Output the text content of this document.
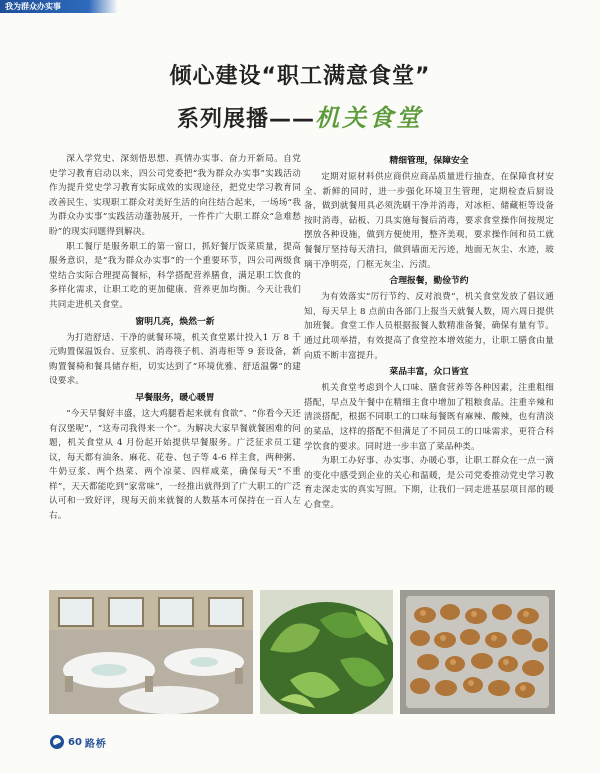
我为群众办实事
倾心建设“职工满意食堂”
系列展播——机关食堂

深入学党史、深刻悟思想、真情办实事、奋力开新局。自党史学习教育启动以来，四公司党委把“我为群众办实事”实践活动作为提升党史学习教育实际成效的实现途径，把党史学习教育同改善民生、实现职工群众对美好生活的向往结合起来，一场场“我为群众办实事”实践活动蓬勃展开，一件件广大职工群众“急难愁盼”的现实问题得到解决。

职工餐厅是服务职工的第一窗口，抓好餐厅饭菜质量，提高服务意识，是“我为群众办实事”的一个重要环节，四公司两级食堂结合实际合理提高餐标，科学搭配营养膳食，满足职工饮食的多样化需求，让职工吃的更加健康、营养更加均衡。今天让我们共同走进机关食堂。

窗明几亮，焕然一新

为打造舒适、干净的就餐环境，机关食堂累计投入1 万 8 千元购置保温饭台、豆浆机、消毒筷子机、消毒柜等 9 套设备，新购置餐椅和餐具储存柜，切实达到了“环境优雅、舒适温馨”的建设要求。

早餐服务，暖心暖胃

“今天早餐好丰盛，这大鸡腿看起来就有食欲”、“你看今天还有汉堡呢”，“这寿司我得来一个”。为解决大家早餐就餐困难的问题，机关食堂从 4 月份起开始提供早餐服务。广泛征求员工建议，每天都有油条、麻花、花卷、包子等 4-6 样主食，两种粥、牛奶豆浆、两个热菜、两个凉菜、四样咸菜，确保每天“不重样”，天天都能吃到“家常味”，一经推出就得到了广大职工的广泛认可和一致好评，现每天前来就餐的人数基本可保持在一百人左右。

精细管理，保障安全

定期对原材料供应商供应商品质量进行抽查，在保障食材安全、新鲜的同时，进一步强化环境卫生管理，定期检查后厨设备，做到就餐用具必须洗刷干净并消毒，对冰柜、储藏柜等设备按时消毒，砧板、刀具实施每餐后消毒，要求食堂操作间按规定摆放各种设施，做到方便使用，整齐美观，要求操作间和员工就餐餐厅坚持每天清扫，做到墙面无污迹，地面无灰尘、水迹，玻璃干净明亮，门框无灰尘、污渍。

合理报餐，勤俭节约

为有效落实“厉行节约、反对浪费”，机关食堂发放了倡议通知，每天早上 8 点前由各部门上报当天就餐人数，周六周日提供加班餐。食堂工作人员根据报餐人数精准备餐，确保有量有节。通过此项举措，有效提高了食堂控本增效能力，让职工膳食由量向质不断丰富提升。

菜品丰富，众口皆宜

机关食堂考虑到个人口味、膳食营养等各种因素，注重粗细搭配，早点及午餐中在精细主食中增加了粗粮食品。注重辛辣和清淡搭配，根据不同职工的口味每餐既有麻辣、酸辣，也有清淡的菜品，这样的搭配不但满足了不同员工的口味需求，更符合科学饮食的要求。同时进一步丰富了菜品种类。

为职工办好事、办实事、办暖心事，让职工群众在一点一滴的变化中感受到企业的关心和温暖，是公司党委推动党史学习教育走深走实的真实写照。下期，让我们一同走进基层项目部的暖心食堂。

60 路桥
